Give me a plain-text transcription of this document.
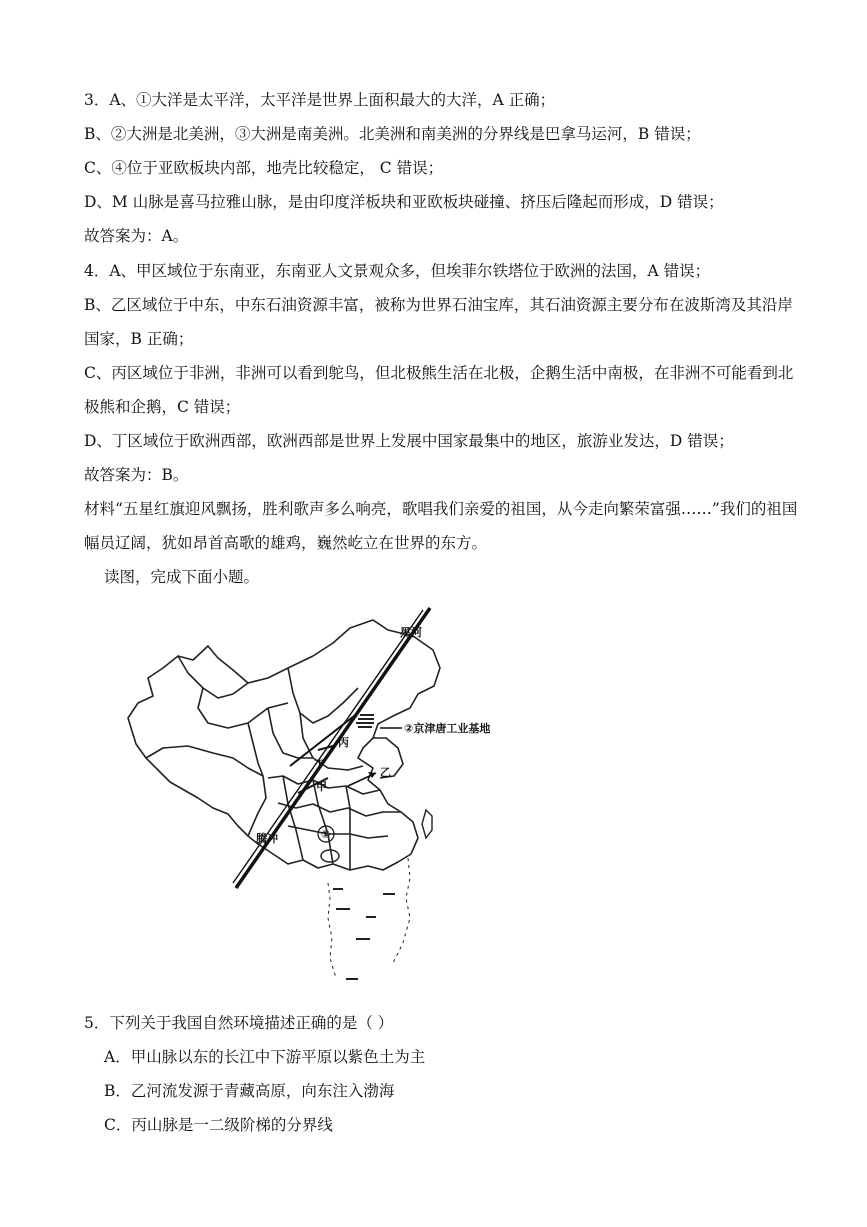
3．A、①大洋是太平洋，太平洋是世界上面积最大的大洋，A 正确；
B、②大洲是北美洲，③大洲是南美洲。北美洲和南美洲的分界线是巴拿马运河，B 错误；
C、④位于亚欧板块内部，地壳比较稳定， C 错误；
D、M 山脉是喜马拉雅山脉，是由印度洋板块和亚欧板块碰撞、挤压后隆起而形成，D 错误；
故答案为：A。
4．A、甲区域位于东南亚，东南亚人文景观众多，但埃菲尔铁塔位于欧洲的法国，A 错误；
B、乙区域位于中东，中东石油资源丰富，被称为世界石油宝库，其石油资源主要分布在波斯湾及其沿岸
国家，B 正确；
C、丙区域位于非洲，非洲可以看到鸵鸟，但北极熊生活在北极，企鹅生活中南极，在非洲不可能看到北
极熊和企鹅，C 错误；
D、丁区域位于欧洲西部，欧洲西部是世界上发展中国家最集中的地区，旅游业发达，D 错误；
故答案为：B。
材料“五星红旗迎风飘扬，胜利歌声多么响亮，歌唱我们亲爱的祖国，从今走向繁荣富强……”我们的祖国
幅员辽阔，犹如昂首高歌的雄鸡，巍然屹立在世界的东方。
读图，完成下面小题。
黑河
②京津唐工业基地
丙
丁
甲
乙
腾冲	①
5．下列关于我国自然环境描述正确的是（ ）
A．甲山脉以东的长江中下游平原以紫色土为主
B．乙河流发源于青藏高原，向东注入渤海
C．丙山脉是一二级阶梯的分界线
